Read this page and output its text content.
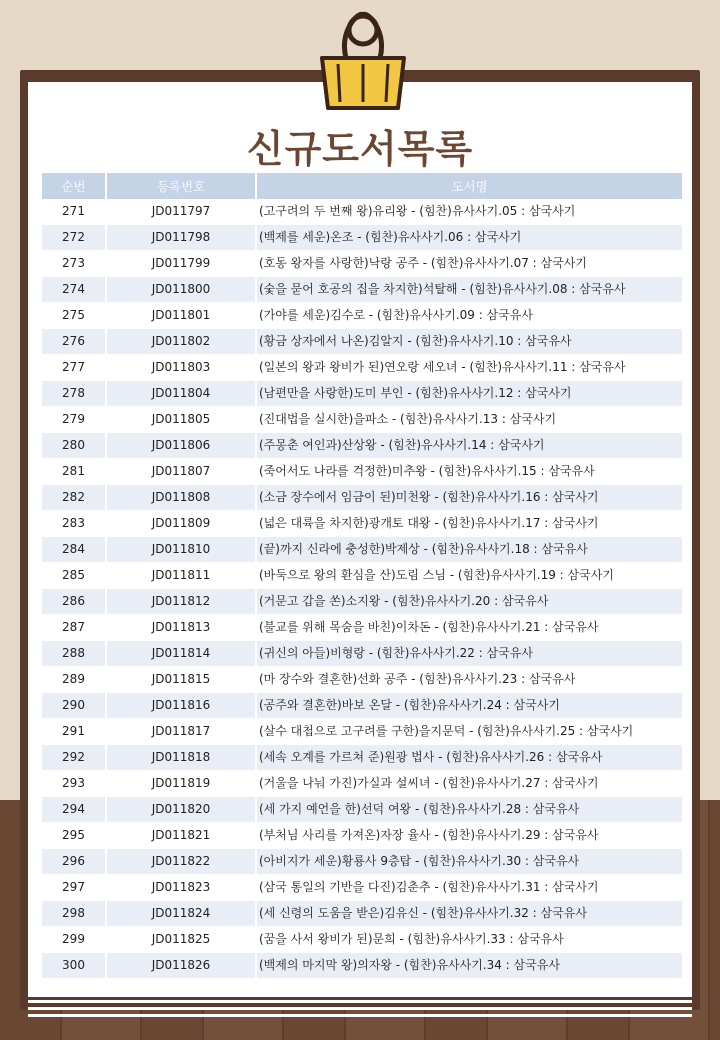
신규도서목록
순번	등록번호	도서명
271	JD011797	(고구려의 두 번째 왕)유리왕 - (힘찬)유사사기.05 : 삼국사기
272	JD011798	(백제를 세운)온조 - (힘찬)유사사기.06 : 삼국사기
273	JD011799	(호동 왕자를 사랑한)낙랑 공주 - (힘찬)유사사기.07 : 삼국사기
274	JD011800	(숯을 묻어 호공의 집을 차지한)석탈해 - (힘찬)유사사기.08 : 삼국유사
275	JD011801	(가야를 세운)김수로 - (힘찬)유사사기.09 : 삼국유사
276	JD011802	(황금 상자에서 나온)김알지 - (힘찬)유사사기.10 : 삼국유사
277	JD011803	(일본의 왕과 왕비가 된)연오랑 세오녀 - (힘찬)유사사기.11 : 삼국유사
278	JD011804	(남편만을 사랑한)도미 부인 - (힘찬)유사사기.12 : 삼국사기
279	JD011805	(진대법을 실시한)을파소 - (힘찬)유사사기.13 : 삼국사기
280	JD011806	(주몽춘 여인과)산상왕 - (힘찬)유사사기.14 : 삼국사기
281	JD011807	(죽어서도 나라를 걱정한)미추왕 - (힘찬)유사사기.15 : 삼국유사
282	JD011808	(소금 장수에서 임금이 된)미천왕 - (힘찬)유사사기.16 : 삼국사기
283	JD011809	(넓은 대륙을 차지한)광개토 대왕 - (힘찬)유사사기.17 : 삼국사기
284	JD011810	(끝)까지 신라에 충성한)박제상 - (힘찬)유사사기.18 : 삼국유사
285	JD011811	(바둑으로 왕의 환심을 산)도림 스님 - (힘찬)유사사기.19 : 삼국사기
286	JD011812	(거문고 갑을 쏜)소지왕 - (힘찬)유사사기.20 : 삼국유사
287	JD011813	(불교를 위해 목숨을 바친)이차돈 - (힘찬)유사사기.21 : 삼국유사
288	JD011814	(귀신의 아들)비형랑 - (힘찬)유사사기.22 : 삼국유사
289	JD011815	(마 장수와 결혼한)선화 공주 - (힘찬)유사사기.23 : 삼국유사
290	JD011816	(공주와 결혼한)바보 온달 - (힘찬)유사사기.24 : 삼국사기
291	JD011817	(살수 대첩으로 고구려를 구한)을지문덕 - (힘찬)유사사기.25 : 삼국사기
292	JD011818	(세속 오계를 가르쳐 준)원광 법사 - (힘찬)유사사기.26 : 삼국유사
293	JD011819	(거울을 나눠 가진)가실과 설씨녀 - (힘찬)유사사기.27 : 삼국사기
294	JD011820	(세 가지 예언을 한)선덕 여왕 - (힘찬)유사사기.28 : 삼국유사
295	JD011821	(부처님 사리를 가져온)자장 율사 - (힘찬)유사사기.29 : 삼국유사
296	JD011822	(아비지가 세운)황룡사 9층탑 - (힘찬)유사사기.30 : 삼국유사
297	JD011823	(삼국 통일의 기반을 다진)김춘추 - (힘찬)유사사기.31 : 삼국사기
298	JD011824	(세 신령의 도움을 받은)김유신 - (힘찬)유사사기.32 : 삼국유사
299	JD011825	(꿈을 사서 왕비가 된)문희 - (힘찬)유사사기.33 : 삼국유사
300	JD011826	(백제의 마지막 왕)의자왕 - (힘찬)유사사기.34 : 삼국유사
